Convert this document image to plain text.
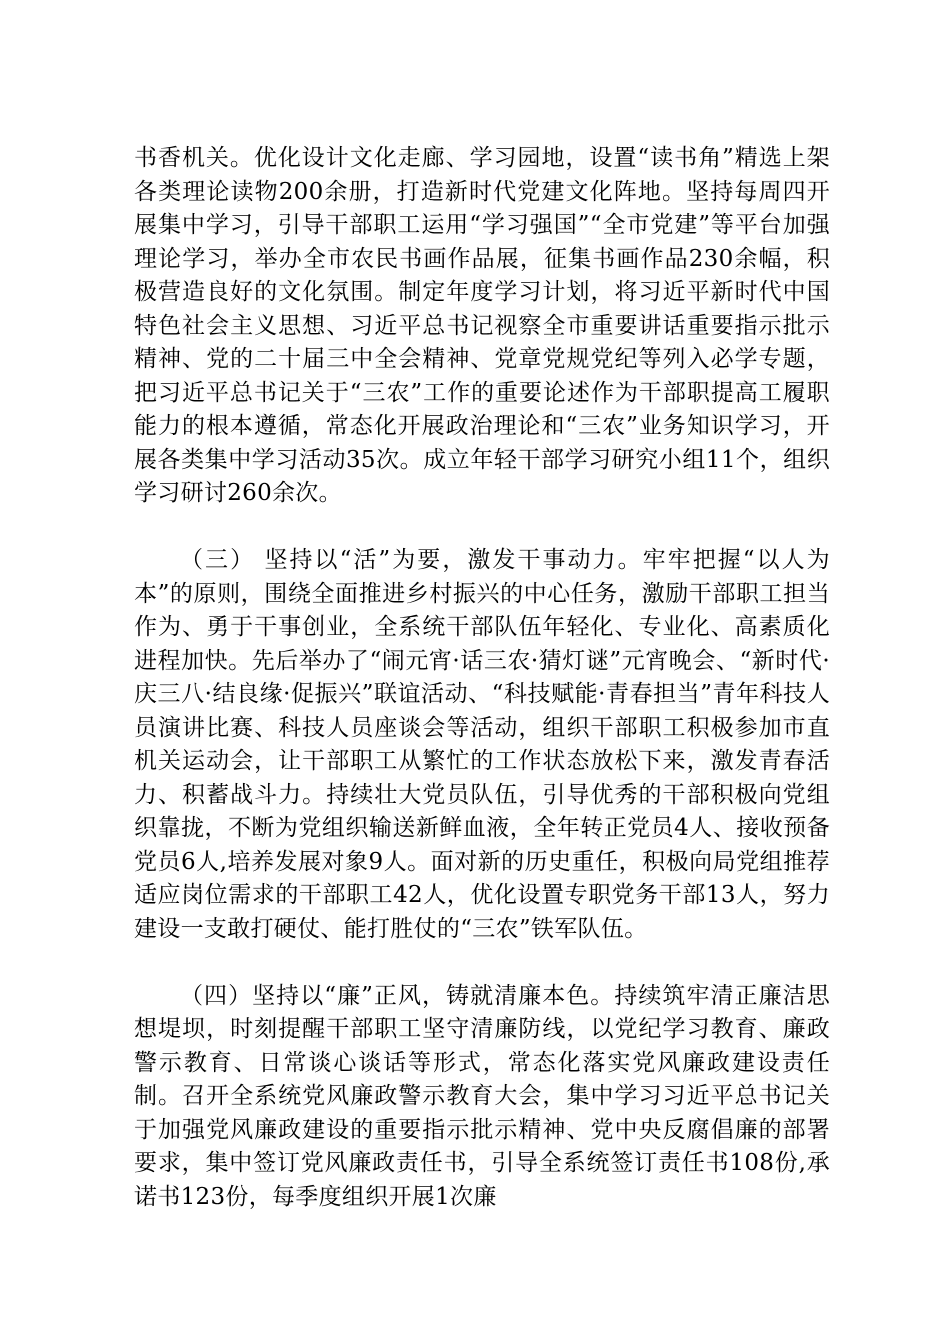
书香机关。优化设计文化走廊、学习园地，设置“读书角”精选上架各类理论读物200余册，打造新时代党建文化阵地。坚持每周四开展集中学习，引导干部职工运用“学习强国”“全市党建”等平台加强理论学习，举办全市农民书画作品展，征集书画作品230余幅，积极营造良好的文化氛围。制定年度学习计划，将习近平新时代中国特色社会主义思想、习近平总书记视察全市重要讲话重要指示批示精神、党的二十届三中全会精神、党章党规党纪等列入必学专题，把习近平总书记关于“三农”工作的重要论述作为干部职提高工履职能力的根本遵循，常态化开展政治理论和“三农”业务知识学习，开展各类集中学习活动35次。成立年轻干部学习研究小组11个，组织学习研讨260余次。

（三） 坚持以“活”为要，激发干事动力。牢牢把握“以人为本”的原则，围绕全面推进乡村振兴的中心任务，激励干部职工担当作为、勇于干事创业，全系统干部队伍年轻化、专业化、高素质化进程加快。先后举办了“闹元宵·话三农·猜灯谜”元宵晚会、“新时代·庆三八·结良缘·促振兴”联谊活动、“科技赋能·青春担当”青年科技人员演讲比赛、科技人员座谈会等活动，组织干部职工积极参加市直机关运动会，让干部职工从繁忙的工作状态放松下来，激发青春活力、积蓄战斗力。持续壮大党员队伍，引导优秀的干部积极向党组织靠拢，不断为党组织输送新鲜血液，全年转正党员4人、接收预备党员6人,培养发展对象9人。面对新的历史重任，积极向局党组推荐适应岗位需求的干部职工42人，优化设置专职党务干部13人，努力建设一支敢打硬仗、能打胜仗的“三农”铁军队伍。

（四）坚持以“廉”正风，铸就清廉本色。持续筑牢清正廉洁思想堤坝，时刻提醒干部职工坚守清廉防线，以党纪学习教育、廉政警示教育、日常谈心谈话等形式，常态化落实党风廉政建设责任制。召开全系统党风廉政警示教育大会，集中学习习近平总书记关于加强党风廉政建设的重要指示批示精神、党中央反腐倡廉的部署要求，集中签订党风廉政责任书，引导全系统签订责任书108份,承诺书123份，每季度组织开展1次廉
